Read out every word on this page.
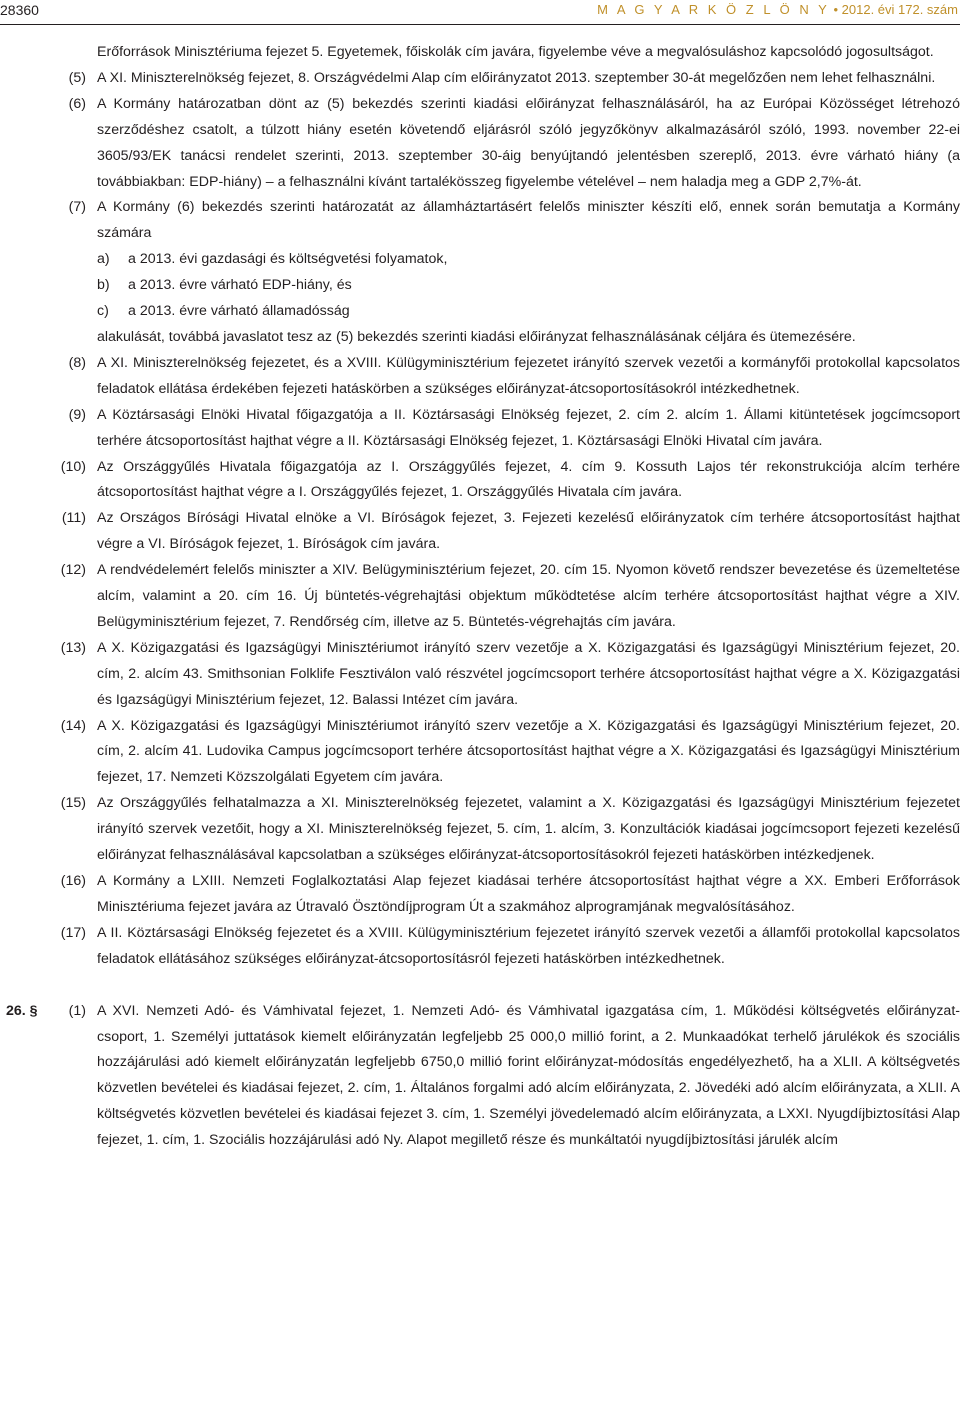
28360	M A G Y A R K Ö Z L Ö N Y • 2012. évi 172. szám

Erőforrások Minisztériuma fejezet 5. Egyetemek, főiskolák cím javára, figyelembe véve a megvalósuláshoz kapcsolódó jogosultságot.

(5) A XI. Miniszterelnökség fejezet, 8. Országvédelmi Alap cím előirányzatot 2013. szeptember 30-át megelőzően nem lehet felhasználni.
(6) A Kormány határozatban dönt az (5) bekezdés szerinti kiadási előirányzat felhasználásáról, ha az Európai Közösséget létrehozó szerződéshez csatolt, a túlzott hiány esetén követendő eljárásról szóló jegyzőkönyv alkalmazásáról szóló, 1993. november 22-ei 3605/93/EK tanácsi rendelet szerinti, 2013. szeptember 30-áig benyújtandó jelentésben szereplő, 2013. évre várható hiány (a továbbiakban: EDP-hiány) – a felhasználni kívánt tartalékösszeg figyelembe vételével – nem haladja meg a GDP 2,7%-át.
(7) A Kormány (6) bekezdés szerinti határozatát az államháztartásért felelős miniszter készíti elő, ennek során bemutatja a Kormány számára
a) a 2013. évi gazdasági és költségvetési folyamatok,
b) a 2013. évre várható EDP-hiány, és
c) a 2013. évre várható államadósság

alakulását, továbbá javaslatot tesz az (5) bekezdés szerinti kiadási előirányzat felhasználásának céljára és ütemezésére.

(8) A XI. Miniszterelnökség fejezetet, és a XVIII. Külügyminisztérium fejezetet irányító szervek vezetői a kormányfői protokollal kapcsolatos feladatok ellátása érdekében fejezeti hatáskörben a szükséges előirányzat-átcsoportosításokról intézkedhetnek.
(9) A Köztársasági Elnöki Hivatal főigazgatója a II. Köztársasági Elnökség fejezet, 2. cím 2. alcím 1. Állami kitüntetések jogcímcsoport terhére átcsoportosítást hajthat végre a II. Köztársasági Elnökség fejezet, 1. Köztársasági Elnöki Hivatal cím javára.
(10) Az Országgyűlés Hivatala főigazgatója az I. Országgyűlés fejezet, 4. cím 9. Kossuth Lajos tér rekonstrukciója alcím terhére átcsoportosítást hajthat végre a I. Országgyűlés fejezet, 1. Országgyűlés Hivatala cím javára.
(11) Az Országos Bírósági Hivatal elnöke a VI. Bíróságok fejezet, 3. Fejezeti kezelésű előirányzatok cím terhére átcsoportosítást hajthat végre a VI. Bíróságok fejezet, 1. Bíróságok cím javára.
(12) A rendvédelemért felelős miniszter a XIV. Belügyminisztérium fejezet, 20. cím 15. Nyomon követő rendszer bevezetése és üzemeltetése alcím, valamint a 20. cím 16. Új büntetés-végrehajtási objektum működtetése alcím terhére átcsoportosítást hajthat végre a XIV. Belügyminisztérium fejezet, 7. Rendőrség cím, illetve az 5. Büntetés-végrehajtás cím javára.
(13) A X. Közigazgatási és Igazságügyi Minisztériumot irányító szerv vezetője a X. Közigazgatási és Igazságügyi Minisztérium fejezet, 20. cím, 2. alcím 43. Smithsonian Folklife Fesztiválon való részvétel jogcímcsoport terhére átcsoportosítást hajthat végre a X. Közigazgatási és Igazságügyi Minisztérium fejezet, 12. Balassi Intézet cím javára.
(14) A X. Közigazgatási és Igazságügyi Minisztériumot irányító szerv vezetője a X. Közigazgatási és Igazságügyi Minisztérium fejezet, 20. cím, 2. alcím 41. Ludovika Campus jogcímcsoport terhére átcsoportosítást hajthat végre a X. Közigazgatási és Igazságügyi Minisztérium fejezet, 17. Nemzeti Közszolgálati Egyetem cím javára.
(15) Az Országgyűlés felhatalmazza a XI. Miniszterelnökség fejezetet, valamint a X. Közigazgatási és Igazságügyi Minisztérium fejezetet irányító szervek vezetőit, hogy a XI. Miniszterelnökség fejezet, 5. cím, 1. alcím, 3. Konzultációk kiadásai jogcímcsoport fejezeti kezelésű előirányzat felhasználásával kapcsolatban a szükséges előirányzat-átcsoportosításokról fejezeti hatáskörben intézkedjenek.
(16) A Kormány a LXIII. Nemzeti Foglalkoztatási Alap fejezet kiadásai terhére átcsoportosítást hajthat végre a XX. Emberi Erőforrások Minisztériuma fejezet javára az Útravaló Ösztöndíjprogram Út a szakmához alprogramjának megvalósításához.
(17) A II. Köztársasági Elnökség fejezetet és a XVIII. Külügyminisztérium fejezetet irányító szervek vezetői a államfői protokollal kapcsolatos feladatok ellátásához szükséges előirányzat-átcsoportosításról fejezeti hatáskörben intézkedhetnek.
26. §	(1) A XVI. Nemzeti Adó- és Vámhivatal fejezet, 1. Nemzeti Adó- és Vámhivatal igazgatása cím, 1. Működési költségvetés előirányzat-csoport, 1. Személyi juttatások kiemelt előirányzatán legfeljebb 25 000,0 millió forint, a 2. Munkaadókat terhelő járulékok és szociális hozzájárulási adó kiemelt előirányzatán legfeljebb 6750,0 millió forint előirányzat-módosítás engedélyezhető, ha a XLII. A költségvetés közvetlen bevételei és kiadásai fejezet, 2. cím, 1. Általános forgalmi adó alcím előirányzata, 2. Jövedéki adó alcím előirányzata, a XLII. A költségvetés közvetlen bevételei és kiadásai fejezet 3. cím, 1. Személyi jövedelemadó alcím előirányzata, a LXXI. Nyugdíjbiztosítási Alap fejezet, 1. cím, 1. Szociális hozzájárulási adó Ny. Alapot megillető része és munkáltatói nyugdíjbiztosítási járulék alcím
